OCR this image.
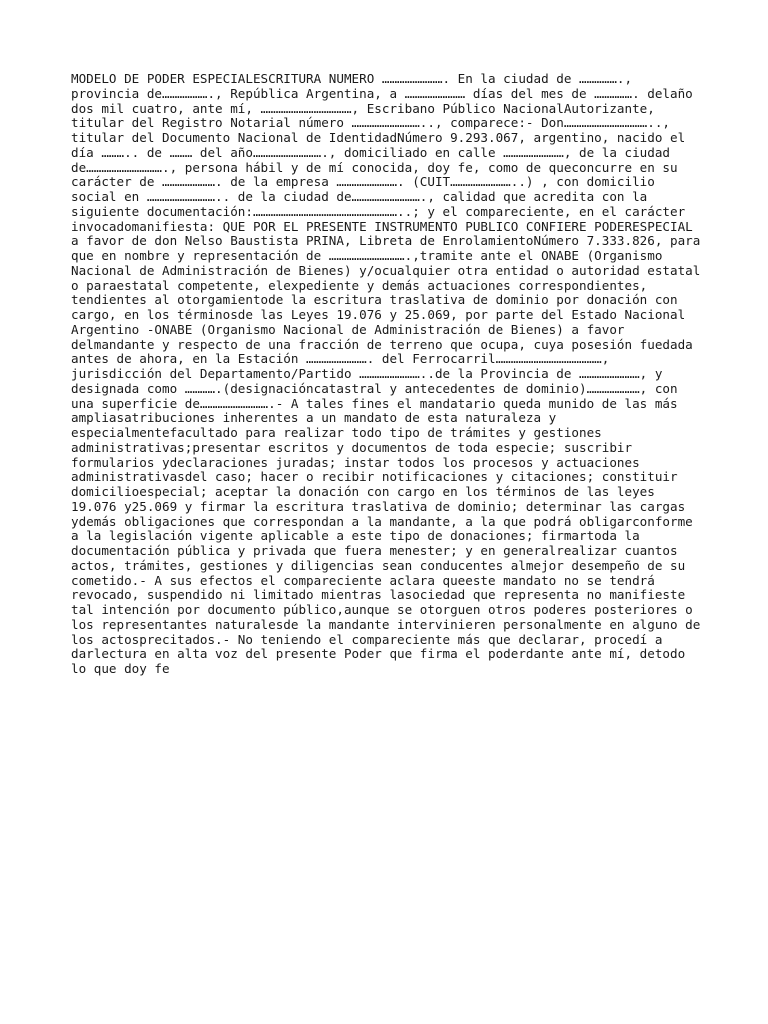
MODELO DE PODER ESPECIALESCRITURA NUMERO ……………………. En la ciudad de …………….,
provincia de………………., República Argentina, a …………………… días del mes de ……………. delaño
dos mil cuatro, ante mí, ………………………………, Escribano Público NacionalAutorizante,
titular del Registro Notarial número ……………………….., comparece:- Don……………………………..,
titular del Documento Nacional de IdentidadNúmero 9.293.067, argentino, nacido el
día ……….. de ……… del año………………………., domiciliado en calle ……………………, de la ciudad
de…………………………., persona hábil y de mí conocida, doy fe, como de queconcurre en su
carácter de …………………. de la empresa ……………………. (CUIT……………………..) , con domicilio
social en ……………………….. de la ciudad de………………………., calidad que acredita con la
siguiente documentación:…………………………………………………..; y el compareciente, en el carácter
invocadomanifiesta: QUE POR EL PRESENTE INSTRUMENTO PUBLICO CONFIERE PODERESPECIAL
a favor de don Nelso Baustista PRINA, Libreta de EnrolamientoNúmero 7.333.826, para
que en nombre y representación de ………………………….,tramite ante el ONABE (Organismo
Nacional de Administración de Bienes) y/ocualquier otra entidad o autoridad estatal
o paraestatal competente, elexpediente y demás actuaciones correspondientes,
tendientes al otorgamientode la escritura traslativa de dominio por donación con
cargo, en los términosde las Leyes 19.076 y 25.069, por parte del Estado Nacional
Argentino -ONABE (Organismo Nacional de Administración de Bienes) a favor
delmandante y respecto de una fracción de terreno que ocupa, cuya posesión fuedada
antes de ahora, en la Estación ……………………. del Ferrocarril……………………………………,
jurisdicción del Departamento/Partido ……………………..de la Provincia de ……………………, y
designada como ………….(designacióncatastral y antecedentes de dominio)…………………, con
una superficie de……………………….- A tales fines el mandatario queda munido de las más
ampliasatribuciones inherentes a un mandato de esta naturaleza y
especialmentefacultado para realizar todo tipo de trámites y gestiones
administrativas;presentar escritos y documentos de toda especie; suscribir
formularios ydeclaraciones juradas; instar todos los procesos y actuaciones
administrativasdel caso; hacer o recibir notificaciones y citaciones; constituir
domicilioespecial; aceptar la donación con cargo en los términos de las leyes
19.076 y25.069 y firmar la escritura traslativa de dominio; determinar las cargas
ydemás obligaciones que correspondan a la mandante, a la que podrá obligarconforme
a la legislación vigente aplicable a este tipo de donaciones; firmartoda la
documentación pública y privada que fuera menester; y en generalrealizar cuantos
actos, trámites, gestiones y diligencias sean conducentes almejor desempeño de su
cometido.- A sus efectos el compareciente aclara queeste mandato no se tendrá
revocado, suspendido ni limitado mientras lasociedad que representa no manifieste
tal intención por documento público,aunque se otorguen otros poderes posteriores o
los representantes naturalesde la mandante intervinieren personalmente en alguno de
los actosprecitados.- No teniendo el compareciente más que declarar, procedí a
darlectura en alta voz del presente Poder que firma el poderdante ante mí, detodo
lo que doy fe
